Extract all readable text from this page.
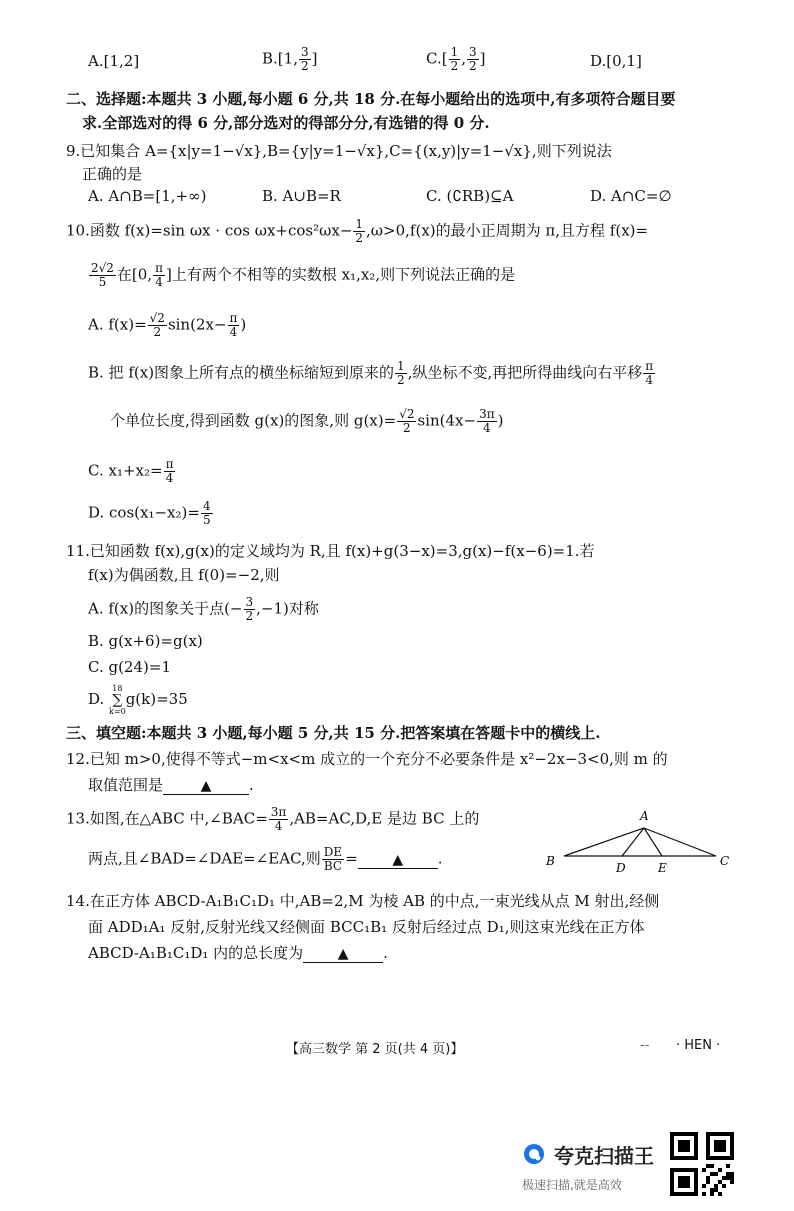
A.[1,2]	B.[1, $\frac{3}{2}$ ]	$C.[ \frac{1}{2}$ , $\frac{3}{2}$ ]	D.[0,1]
二、选择题:本题共 3 小题,每小题 6 分,共 18 分.在每小题给出的选项中,有多项符合题目要
求.全部选对的得 6 分,部分选对的得部分分,有选错的得 0 分.
9.已知集合 A={x|y=1−√x},B={y|y=1−√x},C={(x,y)|y=1−√x},则下列说法
正确的是
A. A∩B=[1,+∞)	B. A∪B=R	C. (∁RB)⊆A	D. A∩C=∅
10.函数 f(x)=sin $\omega x \cdot \cos \omega x+\cos^2\omega x- \frac{1}{2} ,\omega>0,f(x)$的最小正周期为 π,且方程 f(x)=
$\frac{2√2}{5}$ 在[0, $\frac{\pi}{4}$ ]上有两个不相等的实数根 x₁,x₂,则下列说法正确的是
A. $f(x)= \frac{√2}{2} \sin(2x- \frac{\pi}{4}$ )
B. 把 f(x)图象上所有点的横坐标缩短到原来的 $\frac{1}{2}$ ,纵坐标不变,再把所得曲线向右平移 $\frac{\pi}{4}$
个单位长度,得到函数 g(x)的图象,则 $g(x)= \frac{√2}{2} \sin(4x- \frac{3\pi}{4}$ )
C. $x_1+x_2= \frac{\pi}{4}$
D. $\cos(x_1-x_2)= \frac{4}{5}$
11.已知函数 f(x),g(x)的定义域均为 R,且 f(x)+g(3−x)=3,g(x)−f(x−6)=1.若
f(x)为偶函数,且 f(0)=−2,则
A. f(x)的图象关于点(− $\frac{3}{2} ,-1$)对称
B. g(x+6)=g(x)
C. g(24)=1
D.
18
∑
k=0
g(k)=35
三、填空题:本题共 3 小题,每小题 5 分,共 15 分.把答案填在答题卡中的横线上.
12.已知 m>0,使得不等式−m<x<m 成立的一个充分不必要条件是 x²−2x−3<0,则 m 的
取值范围是	▲	.
13.如图,在△ABC 中,∠BAC= $\frac{3\pi}{4} ,AB=AC,D,E$ 是边 BC 上的
两点,且∠BAD=∠DAE=∠EAC,则 $\frac{DE}{BC}$ = ▲ .
A
B	C
D	E
14.在正方体 ABCD-A₁B₁C₁D₁ 中,AB=2,M 为棱 AB 的中点,一束光线从点 M 射出,经侧
面 ADD₁A₁ 反射,反射光线又经侧面 BCC₁B₁ 反射后经过点 D₁,则这束光线在正方体
ABCD-A₁B₁C₁D₁ 内的总长度为 ▲ .
【高三数学 第 2 页(共 4 页)】	-- · HEN ·
夸克扫描王
极速扫描,就是高效
